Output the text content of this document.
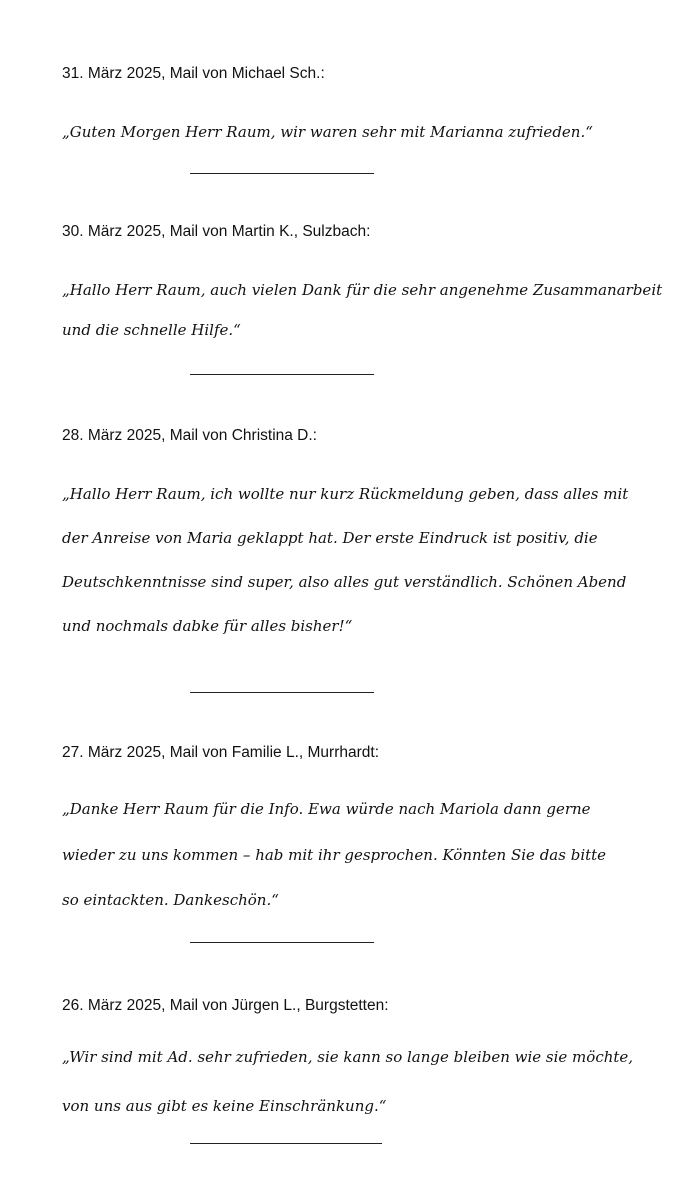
31. März 2025, Mail von Michael Sch.:
„Guten Morgen Herr Raum, wir waren sehr mit Marianna zufrieden.“
30. März 2025, Mail von Martin K., Sulzbach:
„Hallo Herr Raum, auch vielen Dank für die sehr angenehme Zusammanarbeit
und die schnelle Hilfe.“
28. März 2025, Mail von Christina D.:
„Hallo Herr Raum, ich wollte nur kurz Rückmeldung geben, dass alles mit
der Anreise von Maria geklappt hat. Der erste Eindruck ist positiv, die
Deutschkenntnisse sind super, also alles gut verständlich. Schönen Abend
und nochmals dabke für alles bisher!“
27. März 2025, Mail von Familie L., Murrhardt:
„Danke Herr Raum für die Info. Ewa würde nach Mariola dann gerne
wieder zu uns kommen – hab mit ihr gesprochen. Könnten Sie das bitte
so eintackten. Dankeschön.“
26. März 2025, Mail von Jürgen L., Burgstetten:
„Wir sind mit Ad. sehr zufrieden, sie kann so lange bleiben wie sie möchte,
von uns aus gibt es keine Einschränkung.“
